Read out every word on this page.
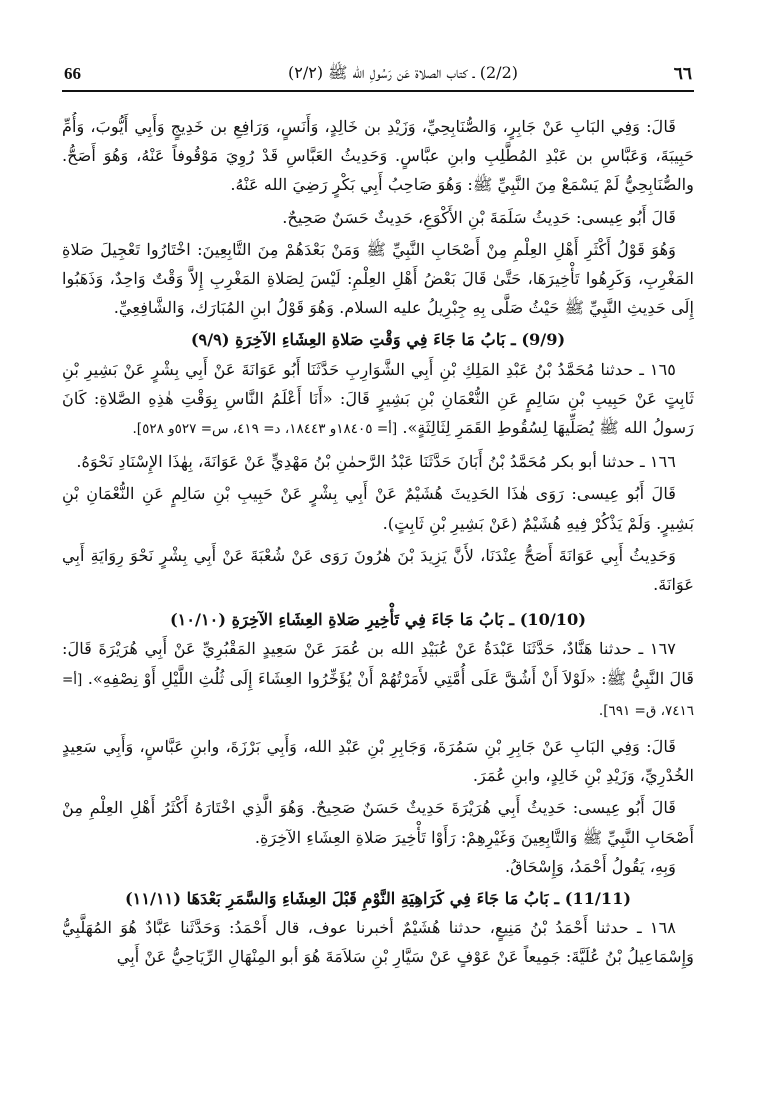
66	(2/2) ـ كتاب الصلاة عَن رَسُولِ الله ﷺ (٢/٢)	٦٦

قَالَ: وَفِي البَابِ عَنْ جَابِرٍ، وَالصُّنَابِحِيِّ، وَزَيْدِ بن خَالِدٍ، وَأَنَسٍ، وَرَافِعِ بن خَدِيجٍ وَأَبِي أَيُّوبَ، وَأُمِّ حَبِيبَةَ، وَعَبَّاسِ بن عَبْدِ المُطَّلِبِ وابنِ عبَّاسٍ. وَحَدِيثُ العَبَّاسِ قَدْ رُوِيَ مَوْقُوفاً عَنْهُ، وَهُوَ أَصَحُّ. والصُّنَابِحِيُّ لَمْ يَسْمَعْ مِنَ النَّبِيِّ ﷺ: وَهُوَ صَاحِبُ أَبِي بَكْرٍ رَضِيَ الله عَنْهُ.

قَالَ أَبُو عِيسى: حَدِيثُ سَلَمَةَ بْنِ الأَكْوَعِ، حَدِيثٌ حَسَنٌ صَحِيحٌ.

وَهُوَ قَوْلُ أَكْثَرِ أَهْلِ العِلْمِ مِنْ أَصْحَابِ النَّبِيِّ ﷺ وَمَنْ بَعْدَهُمْ مِنَ التَّابِعِينَ: اخْتَارُوا تَعْجِيلَ صَلاةِ المَغْرِبِ، وَكَرِهُوا تَأْخِيرَهَا، حَتَّىٰ قَالَ بَعْضُ أَهْلِ العِلْمِ: لَيْسَ لِصَلاةِ المَغْرِبِ إِلاَّ وَقْتٌ وَاحِدٌ، وَذَهَبُوا إِلَى حَدِيثِ النَّبِيِّ ﷺ حَيْثُ صَلَّى بِهِ جِبْرِيلُ عليه السلام. وَهُوَ قَوْلُ ابنِ المُبَارَك، وَالشَّافِعِيِّ.

(9/9) ـ بَابُ مَا جَاءَ فِي وَقْتِ صَلاةِ العِشَاءِ الآخِرَةِ (٩/٩)

١٦٥ ـ حدثنا مُحَمَّدُ بْنُ عَبْدِ المَلِكِ بْنِ أَبِي الشَّوَارِبِ حَدَّثَنَا أَبُو عَوَانَةَ عَنْ أَبِي بِشْرٍ عَنْ بَشِيرِ بْنِ ثَابِتٍ عَنْ حَبِيبِ بْنِ سَالِمٍ عَنِ النُّعْمَانِ بْنِ بَشِيرٍ قَالَ: «أَنَا أَعْلَمُ النَّاسِ بِوَقْتِ هٰذِهِ الصَّلاةِ: كَانَ رَسولُ الله ﷺ يُصَلِّيهَا لِسُقُوطِ القَمَرِ لِثَالِثَةٍ». [أ= ١٨٤٠٥و ١٨٤٤٣، د= ٤١٩، س= ٥٢٧و ٥٢٨].

١٦٦ ـ حدثنا أبو بكر مُحَمَّدُ بْنُ أَبَانَ حَدَّثَنَا عَبْدُ الرَّحمٰنِ بْنُ مَهْدِيٍّ عَنْ عَوَانَةَ، بِهٰذَا الإِسْنَادِ نَحْوَهُ.

قَالَ أَبُو عِيسى: رَوَى هٰذَا الحَدِيثَ هُشَيْمٌ عَنْ أَبِي بِشْرٍ عَنْ حَبِيبِ بْنِ سَالِمٍ عَنِ النُّعْمَانِ بْنِ بَشِيرٍ. وَلَمْ يَذْكُرْ فِيهِ هُشَيْمٌ (عَنْ بَشِيرِ بْنِ ثَابِتٍ).

وَحَدِيثُ أَبِي عَوَانَةَ أَصَحُّ عِنْدَنَا، لأَنَّ يَزِيدَ بْنَ هٰرُونَ رَوَى عَنْ شُعْبَةَ عَنْ أَبِي بِشْرٍ نَحْوَ رِوَايَةِ أَبِي عَوَانَةَ.

(10/10) ـ بَابُ مَا جَاءَ فِي تَأْخِيرِ صَلاةِ العِشَاءِ الآخِرَةِ (١٠/١٠)

١٦٧ ـ حدثنا هَنَّادٌ، حَدَّثَنَا عَبْدَةُ عَنْ عُبَيْدِ الله بن عُمَرَ عَنْ سَعِيدٍ المَقْبُرِيِّ عَنْ أَبِي هُرَيْرَةَ قَالَ: قَالَ النَّبِيُّ ﷺ: «لَوْلاَ أَنْ أَشُقَّ عَلَى أُمَّتِي لأَمَرْتُهُمْ أَنْ يُؤَخِّرُوا العِشَاءَ إِلَى ثُلُثِ اللَّيْلِ أَوْ نِصْفِهِ». [أ= ٧٤١٦، ق= ٦٩١].

قَالَ: وَفِي البَابِ عَنْ جَابِرِ بْنِ سَمُرَةَ، وَجَابِرِ بْنِ عَبْدِ الله، وَأَبِي بَرْزَةَ، وابنِ عَبَّاسٍ، وَأَبِي سَعِيدٍ الخُدْرِيِّ، وَزَيْدِ بْنِ خَالِدٍ، وابنِ عُمَرَ.

قَالَ أَبُو عِيسى: حَدِيثُ أَبِي هُرَيْرَةَ حَدِيثٌ حَسَنٌ صَحِيحٌ. وَهُوَ الَّذِي اخْتَارَهُ أَكْثَرُ أَهْلِ العِلْمِ مِنْ أَصْحَابِ النَّبِيِّ ﷺ وَالتَّابِعِينَ وَغَيْرِهِمْ: رَأَوْا تَأْخِيرَ صَلاةِ العِشَاءِ الآخِرَةِ.

وَبِهِ، يَقُولُ أَحْمَدُ، وَإِسْحَاقُ.

(11/11) ـ بَابُ مَا جَاءَ فِي كَرَاهِيَةِ النَّوْمِ قَبْلَ العِشَاءِ وَالسَّمَرِ بَعْدَهَا (١١/١١)

١٦٨ ـ حدثنا أَحْمَدُ بْنُ مَنِيعٍ، حدثنا هُشَيْمٌ أخبرنا عوف، قال أَحْمَدُ: وَحَدَّثَنا عَبَّادٌ هُوَ المُهَلَّبِيُّ وَإِسْمَاعِيلُ بْنُ عُلَيَّةَ: جَمِيعاً عَنْ عَوْفٍ عَنْ سَيَّارِ بْنِ سَلاَمَةَ هُوَ أبو المِنْهَالِ الرِّيَاحِيُّ عَنْ أَبِي
